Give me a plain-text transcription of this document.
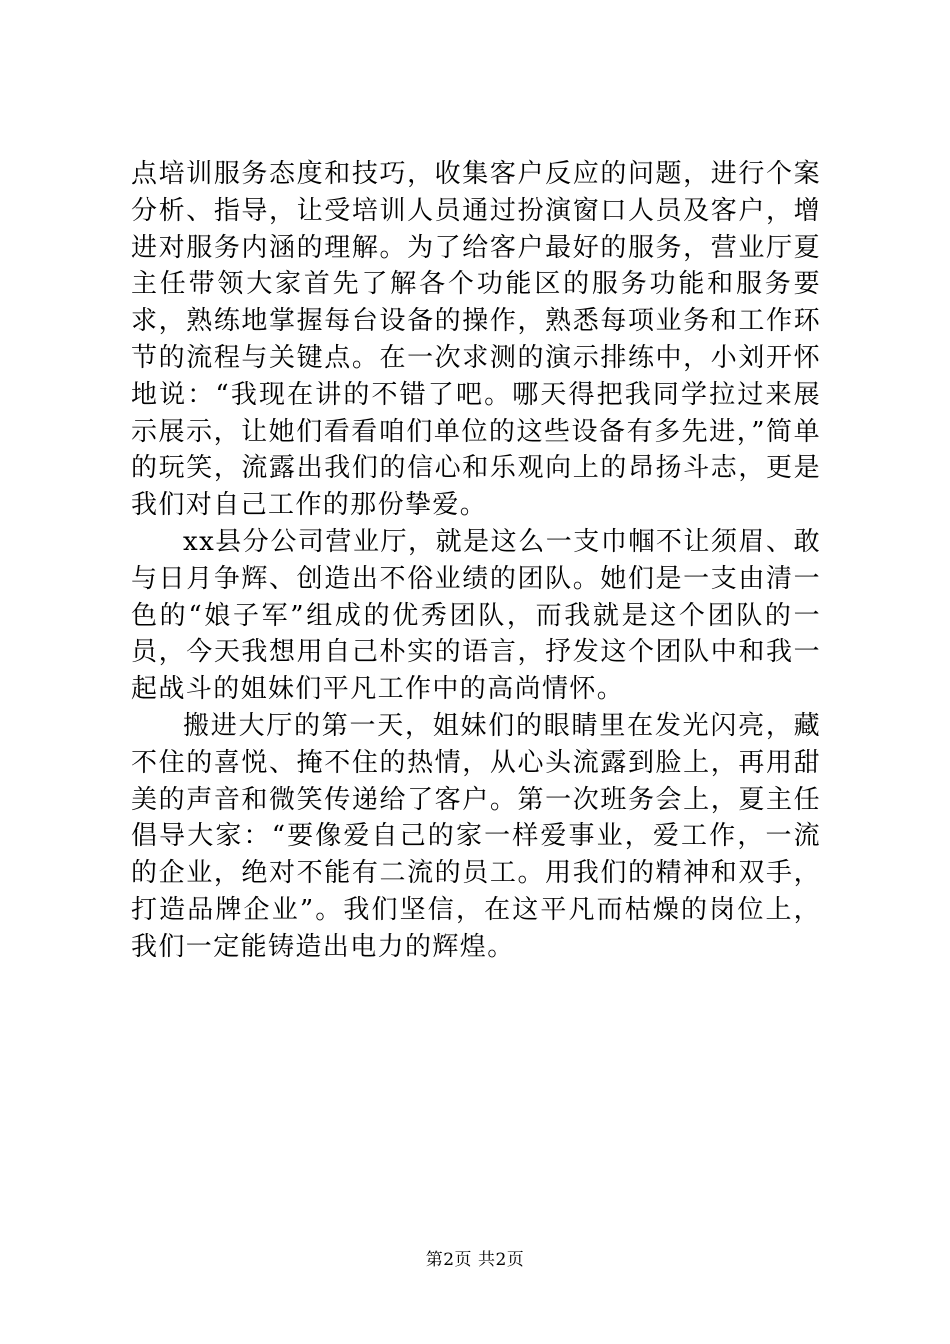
点培训服务态度和技巧，收集客户反应的问题，进行个案分析、指导，让受培训人员通过扮演窗口人员及客户，增进对服务内涵的理解。为了给客户最好的服务，营业厅夏主任带领大家首先了解各个功能区的服务功能和服务要求，熟练地掌握每台设备的操作，熟悉每项业务和工作环节的流程与关键点。在一次求测的演示排练中，小刘开怀地说：“我现在讲的不错了吧。哪天得把我同学拉过来展示展示，让她们看看咱们单位的这些设备有多先进，”简单的玩笑，流露出我们的信心和乐观向上的昂扬斗志，更是我们对自己工作的那份挚爱。

xx县分公司营业厅，就是这么一支巾帼不让须眉、敢与日月争辉、创造出不俗业绩的团队。她们是一支由清一色的“娘子军”组成的优秀团队，而我就是这个团队的一员，今天我想用自己朴实的语言，抒发这个团队中和我一起战斗的姐妹们平凡工作中的高尚情怀。

搬进大厅的第一天，姐妹们的眼睛里在发光闪亮，藏不住的喜悦、掩不住的热情，从心头流露到脸上，再用甜美的声音和微笑传递给了客户。第一次班务会上，夏主任倡导大家：“要像爱自己的家一样爱事业，爱工作，一流的企业，绝对不能有二流的员工。用我们的精神和双手，打造品牌企业”。我们坚信，在这平凡而枯燥的岗位上，我们一定能铸造出电力的辉煌。

第2页 共2页
